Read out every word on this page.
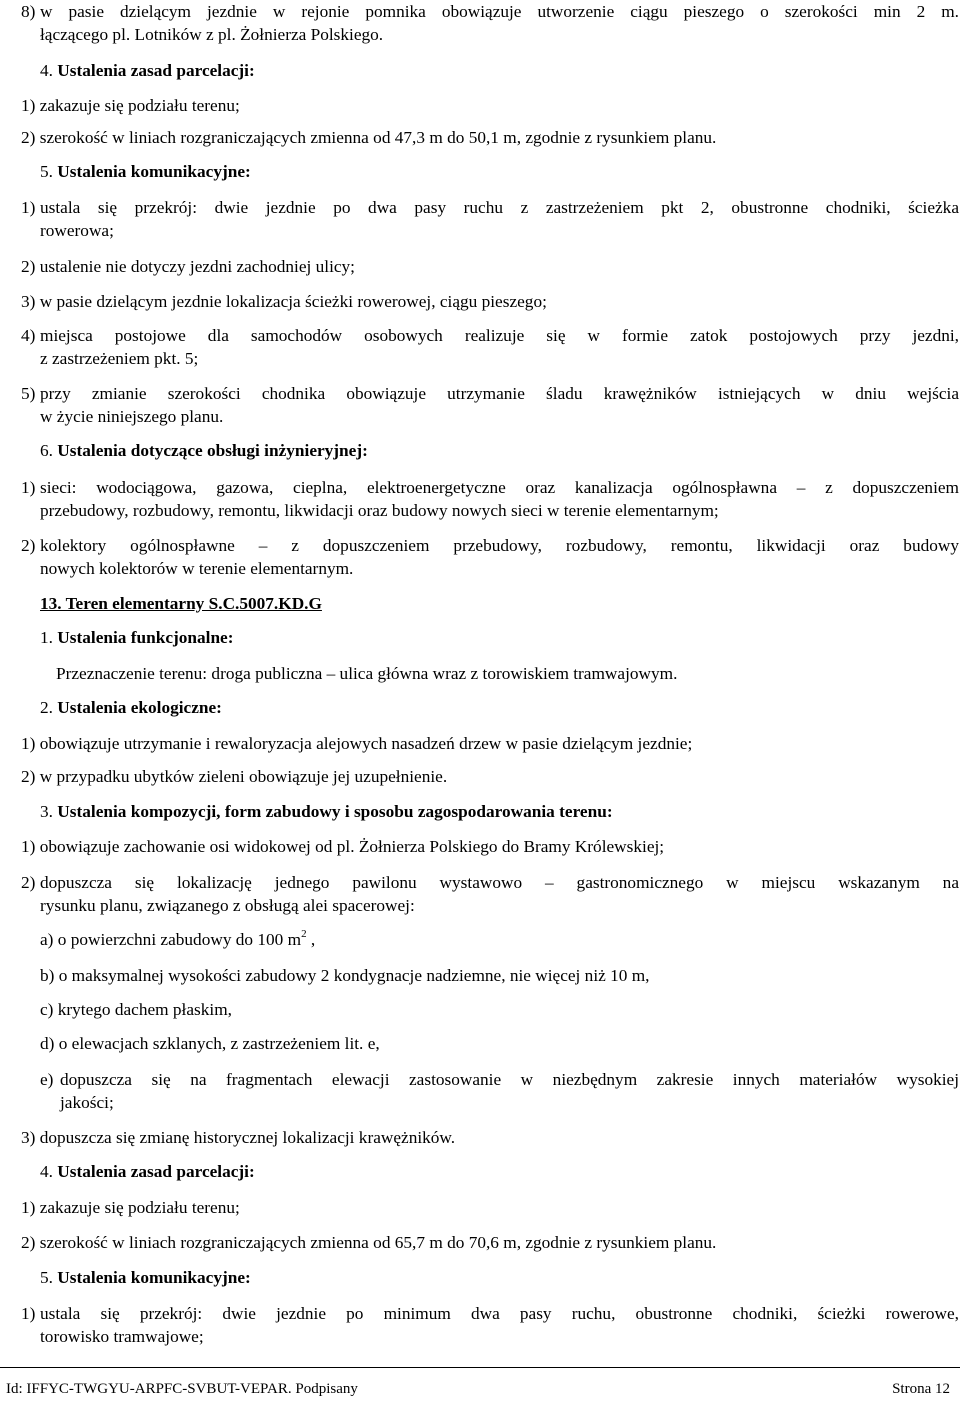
8) w pasie dzielącym jezdnie w rejonie pomnika obowiązuje utworzenie ciągu pieszego o szerokości min 2 m.
łączącego pl. Lotników z pl. Żołnierza Polskiego.
4. Ustalenia zasad parcelacji:
1) zakazuje się podziału terenu;
2) szerokość w liniach rozgraniczających zmienna od 47,3 m do 50,1 m, zgodnie z rysunkiem planu.
5. Ustalenia komunikacyjne:
1) ustala się przekrój: dwie jezdnie po dwa pasy ruchu z zastrzeżeniem pkt 2, obustronne chodniki, ścieżka
rowerowa;
2) ustalenie nie dotyczy jezdni zachodniej ulicy;
3) w pasie dzielącym jezdnie lokalizacja ścieżki rowerowej, ciągu pieszego;
4) miejsca postojowe dla samochodów osobowych realizuje się w formie zatok postojowych przy jezdni,
z zastrzeżeniem pkt. 5;
5) przy zmianie szerokości chodnika obowiązuje utrzymanie śladu krawężników istniejących w dniu wejścia
w życie niniejszego planu.
6. Ustalenia dotyczące obsługi inżynieryjnej:
1) sieci: wodociągowa, gazowa, cieplna, elektroenergetyczne oraz kanalizacja ogólnospławna – z dopuszczeniem
przebudowy, rozbudowy, remontu, likwidacji oraz budowy nowych sieci w terenie elementarnym;
2) kolektory ogólnospławne – z dopuszczeniem przebudowy, rozbudowy, remontu, likwidacji oraz budowy
nowych kolektorów w terenie elementarnym.
13. Teren elementarny S.C.5007.KD.G
1. Ustalenia funkcjonalne:
Przeznaczenie terenu: droga publiczna – ulica główna wraz z torowiskiem tramwajowym.
2. Ustalenia ekologiczne:
1) obowiązuje utrzymanie i rewaloryzacja alejowych nasadzeń drzew w pasie dzielącym jezdnie;
2) w przypadku ubytków zieleni obowiązuje jej uzupełnienie.
3. Ustalenia kompozycji, form zabudowy i sposobu zagospodarowania terenu:
1) obowiązuje zachowanie osi widokowej od pl. Żołnierza Polskiego do Bramy Królewskiej;
2) dopuszcza się lokalizację jednego pawilonu wystawowo – gastronomicznego w miejscu wskazanym na
rysunku planu, związanego z obsługą alei spacerowej:
a) o powierzchni zabudowy do 100 $m^2$ ,
b) o maksymalnej wysokości zabudowy 2 kondygnacje nadziemne, nie więcej niż 10 m,
c) krytego dachem płaskim,
d) o elewacjach szklanych, z zastrzeżeniem lit. e,
e) dopuszcza się na fragmentach elewacji zastosowanie w niezbędnym zakresie innych materiałów wysokiej
jakości;
3) dopuszcza się zmianę historycznej lokalizacji krawężników.
4. Ustalenia zasad parcelacji:
1) zakazuje się podziału terenu;
2) szerokość w liniach rozgraniczających zmienna od 65,7 m do 70,6 m, zgodnie z rysunkiem planu.
5. Ustalenia komunikacyjne:
1) ustala się przekrój: dwie jezdnie po minimum dwa pasy ruchu, obustronne chodniki, ścieżki rowerowe,
torowisko tramwajowe;
Id: IFFYC-TWGYU-ARPFC-SVBUT-VEPAR. Podpisany	Strona 12
